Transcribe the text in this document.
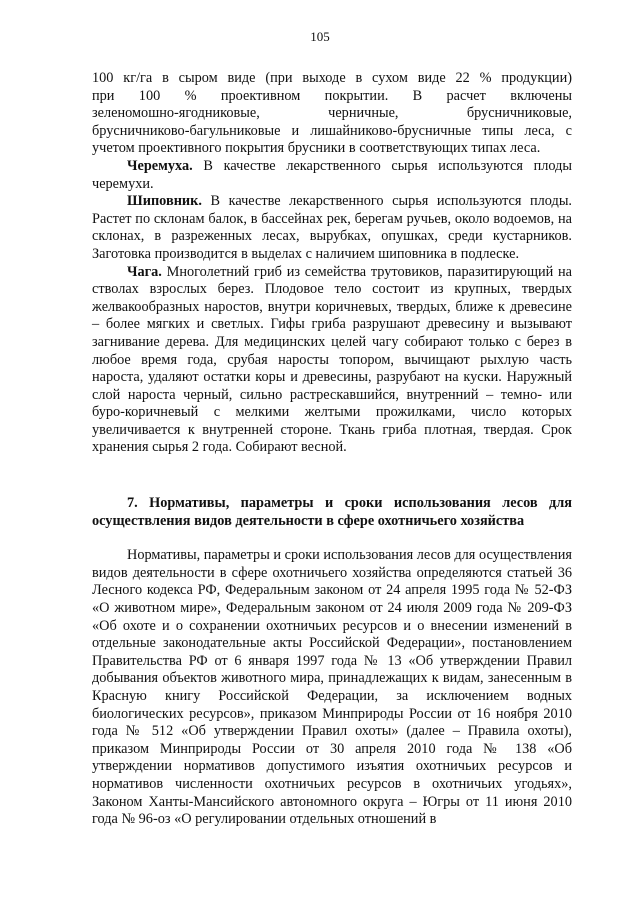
105
100 кг/га в сыром виде (при выходе в сухом виде 22 % продукции)
при 100 % проективном покрытии. В расчет включены
зеленомошно-ягодниковые, черничные, брусничниковые,
брусничниково-багульниковые и лишайниково-брусничные типы леса, с
учетом проективного покрытия брусники в соответствующих типах леса.

Черемуха. В качестве лекарственного сырья используются плоды черемухи.

Шиповник. В качестве лекарственного сырья используются плоды. Растет по склонам балок, в бассейнах рек, берегам ручьев, около водоемов, на склонах, в разреженных лесах, вырубках, опушках, среди кустарников. Заготовка производится в выделах с наличием шиповника в подлеске.

Чага. Многолетний гриб из семейства трутовиков, паразитирующий на стволах взрослых берез. Плодовое тело состоит из крупных, твердых желвакообразных наростов, внутри коричневых, твердых, ближе к древесине – более мягких и светлых. Гифы гриба разрушают древесину и вызывают загнивание дерева. Для медицинских целей чагу собирают только с берез в любое время года, срубая наросты топором, вычищают рыхлую часть нароста, удаляют остатки коры и древесины, разрубают на куски. Наружный слой нароста черный, сильно растрескавшийся, внутренний – темно- или буро-коричневый с мелкими желтыми прожилками, число которых увеличивается к внутренней стороне. Ткань гриба плотная, твердая. Срок хранения сырья 2 года. Собирают весной.

7. Нормативы, параметры и сроки использования лесов для осуществления видов деятельности в сфере охотничьего хозяйства

Нормативы, параметры и сроки использования лесов для осуществления видов деятельности в сфере охотничьего хозяйства определяются статьей 36 Лесного кодекса РФ, Федеральным законом от 24 апреля 1995 года № 52-ФЗ «О животном мире», Федеральным законом от 24 июля 2009 года № 209-ФЗ «Об охоте и о сохранении охотничьих ресурсов и о внесении изменений в отдельные законодательные акты Российской Федерации», постановлением Правительства РФ от 6 января 1997 года № 13 «Об утверждении Правил добывания объектов животного мира, принадлежащих к видам, занесенным в Красную книгу Российской Федерации, за исключением водных биологических ресурсов», приказом Минприроды России от 16 ноября 2010 года № 512 «Об утверждении Правил охоты» (далее – Правила охоты), приказом Минприроды России от 30 апреля 2010 года № 138 «Об утверждении нормативов допустимого изъятия охотничьих ресурсов и нормативов численности охотничьих ресурсов в охотничьих угодьях», Законом Ханты-Мансийского автономного округа – Югры от 11 июня 2010 года № 96-оз «О регулировании отдельных отношений в
